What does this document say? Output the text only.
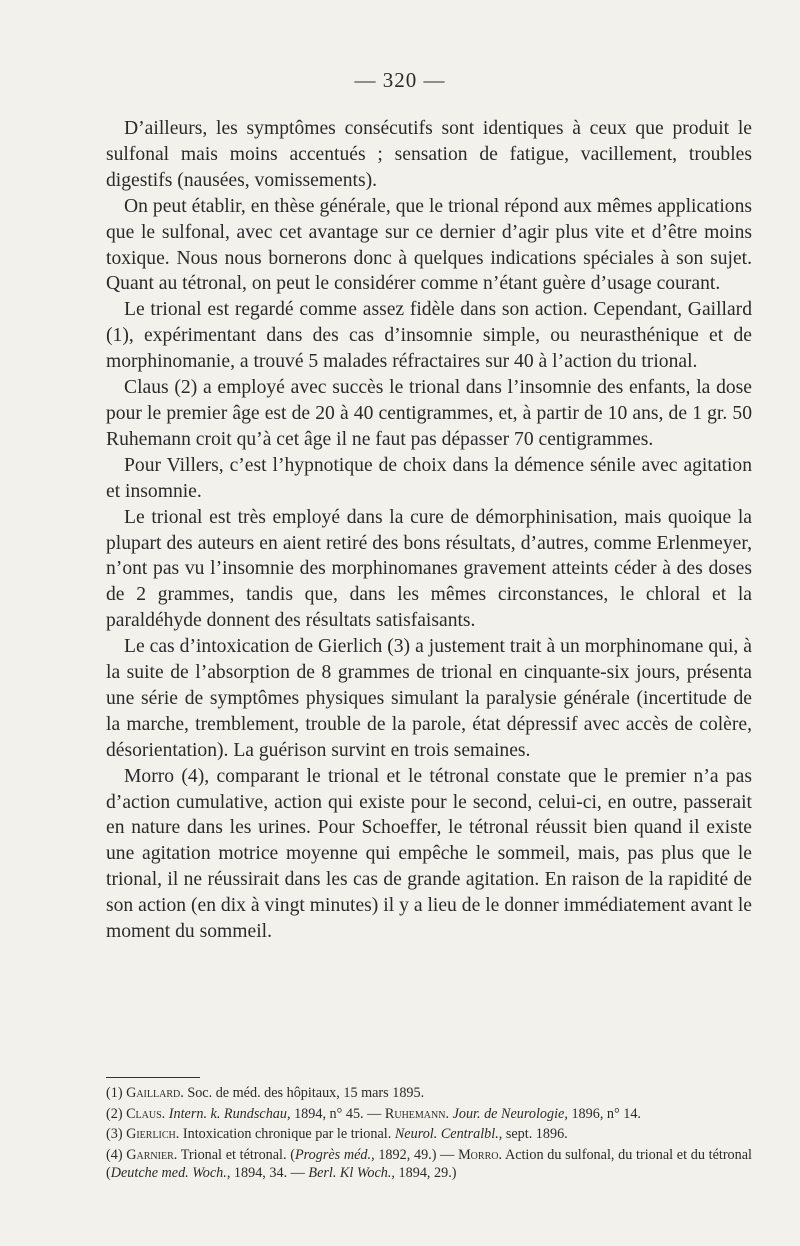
— 320 —

D’ailleurs, les symptômes consécutifs sont identiques à ceux que produit le sulfonal mais moins accentués ; sensation de fatigue, vacillement, troubles digestifs (nausées, vomissements).

On peut établir, en thèse générale, que le trional répond aux mêmes applications que le sulfonal, avec cet avantage sur ce dernier d’agir plus vite et d’être moins toxique. Nous nous bornerons donc à quelques indications spéciales à son sujet. Quant au tétronal, on peut le considérer comme n’étant guère d’usage courant.

Le trional est regardé comme assez fidèle dans son action. Cependant, Gaillard (1), expérimentant dans des cas d’insomnie simple, ou neurasthénique et de morphinomanie, a trouvé 5 malades réfractaires sur 40 à l’action du trional.

Claus (2) a employé avec succès le trional dans l’insomnie des enfants, la dose pour le premier âge est de 20 à 40 centigrammes, et, à partir de 10 ans, de 1 gr. 50 Ruhemann croit qu’à cet âge il ne faut pas dépasser 70 centigrammes.

Pour Villers, c’est l’hypnotique de choix dans la démence sénile avec agitation et insomnie.

Le trional est très employé dans la cure de démorphinisation, mais quoique la plupart des auteurs en aient retiré des bons résultats, d’autres, comme Erlenmeyer, n’ont pas vu l’insomnie des morphinomanes gravement atteints céder à des doses de 2 grammes, tandis que, dans les mêmes circonstances, le chloral et la paraldéhyde donnent des résultats satisfaisants.

Le cas d’intoxication de Gierlich (3) a justement trait à un morphinomane qui, à la suite de l’absorption de 8 grammes de trional en cinquante-six jours, présenta une série de symptômes physiques simulant la paralysie générale (incertitude de la marche, tremblement, trouble de la parole, état dépressif avec accès de colère, désorientation). La guérison survint en trois semaines.

Morro (4), comparant le trional et le tétronal constate que le premier n’a pas d’action cumulative, action qui existe pour le second, celui-ci, en outre, passerait en nature dans les urines. Pour Schoeffer, le tétronal réussit bien quand il existe une agitation motrice moyenne qui empêche le sommeil, mais, pas plus que le trional, il ne réussirait dans les cas de grande agitation. En raison de la rapidité de son action (en dix à vingt minutes) il y a lieu de le donner immédiatement avant le moment du sommeil.

(1) Gaillard. Soc. de méd. des hôpitaux, 15 mars 1895.

(2) Claus. Intern. k. Rundschau, 1894, n° 45. — Ruhemann. Jour. de Neurologie, 1896, n° 14.

(3) Gierlich. Intoxication chronique par le trional. Neurol. Centralbl., sept. 1896.

(4) Garnier. Trional et tétronal. (Progrès méd., 1892, 49.) — Morro. Action du sulfonal, du trional et du tétronal (Deutche med. Woch., 1894, 34. — Berl. Kl Woch., 1894, 29.)
